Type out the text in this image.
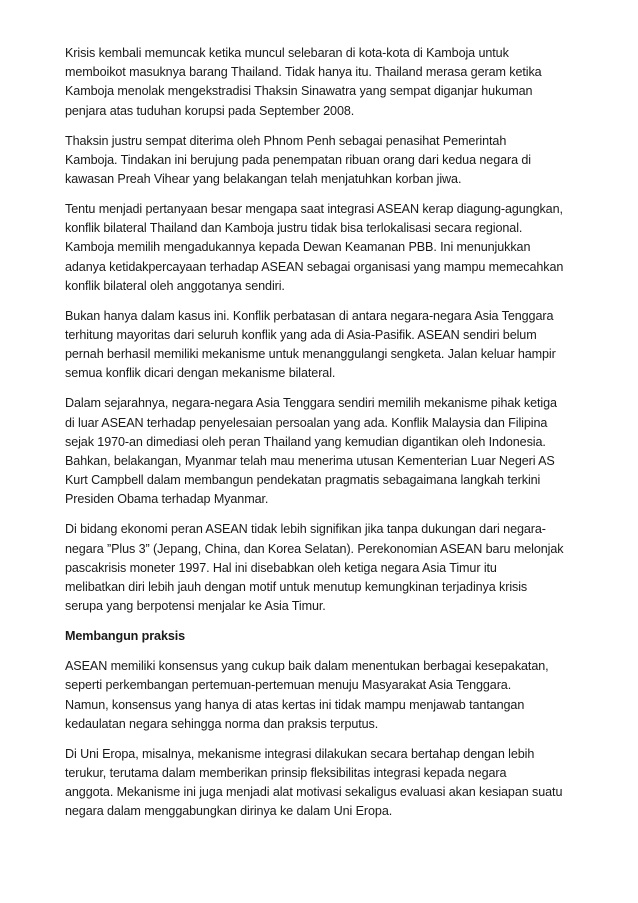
Krisis kembali memuncak ketika muncul selebaran di kota-kota di Kamboja untuk
memboikot masuknya barang Thailand. Tidak hanya itu. Thailand merasa geram ketika
Kamboja menolak mengekstradisi Thaksin Sinawatra yang sempat diganjar hukuman
penjara atas tuduhan korupsi pada September 2008.

Thaksin justru sempat diterima oleh Phnom Penh sebagai penasihat Pemerintah
Kamboja. Tindakan ini berujung pada penempatan ribuan orang dari kedua negara di
kawasan Preah Vihear yang belakangan telah menjatuhkan korban jiwa.

Tentu menjadi pertanyaan besar mengapa saat integrasi ASEAN kerap diagung-agungkan,
konflik bilateral Thailand dan Kamboja justru tidak bisa terlokalisasi secara regional.
Kamboja memilih mengadukannya kepada Dewan Keamanan PBB. Ini menunjukkan
adanya ketidakpercayaan terhadap ASEAN sebagai organisasi yang mampu memecahkan
konflik bilateral oleh anggotanya sendiri.

Bukan hanya dalam kasus ini. Konflik perbatasan di antara negara-negara Asia Tenggara
terhitung mayoritas dari seluruh konflik yang ada di Asia-Pasifik. ASEAN sendiri belum
pernah berhasil memiliki mekanisme untuk menanggulangi sengketa. Jalan keluar hampir
semua konflik dicari dengan mekanisme bilateral.

Dalam sejarahnya, negara-negara Asia Tenggara sendiri memilih mekanisme pihak ketiga
di luar ASEAN terhadap penyelesaian persoalan yang ada. Konflik Malaysia dan Filipina
sejak 1970-an dimediasi oleh peran Thailand yang kemudian digantikan oleh Indonesia.
Bahkan, belakangan, Myanmar telah mau menerima utusan Kementerian Luar Negeri AS
Kurt Campbell dalam membangun pendekatan pragmatis sebagaimana langkah terkini
Presiden Obama terhadap Myanmar.

Di bidang ekonomi peran ASEAN tidak lebih signifikan jika tanpa dukungan dari negara-
negara ”Plus 3” (Jepang, China, dan Korea Selatan). Perekonomian ASEAN baru melonjak
pascakrisis moneter 1997. Hal ini disebabkan oleh ketiga negara Asia Timur itu
melibatkan diri lebih jauh dengan motif untuk menutup kemungkinan terjadinya krisis
serupa yang berpotensi menjalar ke Asia Timur.

Membangun praksis

ASEAN memiliki konsensus yang cukup baik dalam menentukan berbagai kesepakatan,
seperti perkembangan pertemuan-pertemuan menuju Masyarakat Asia Tenggara.
Namun, konsensus yang hanya di atas kertas ini tidak mampu menjawab tantangan
kedaulatan negara sehingga norma dan praksis terputus.

Di Uni Eropa, misalnya, mekanisme integrasi dilakukan secara bertahap dengan lebih
terukur, terutama dalam memberikan prinsip fleksibilitas integrasi kepada negara
anggota. Mekanisme ini juga menjadi alat motivasi sekaligus evaluasi akan kesiapan suatu
negara dalam menggabungkan dirinya ke dalam Uni Eropa.
